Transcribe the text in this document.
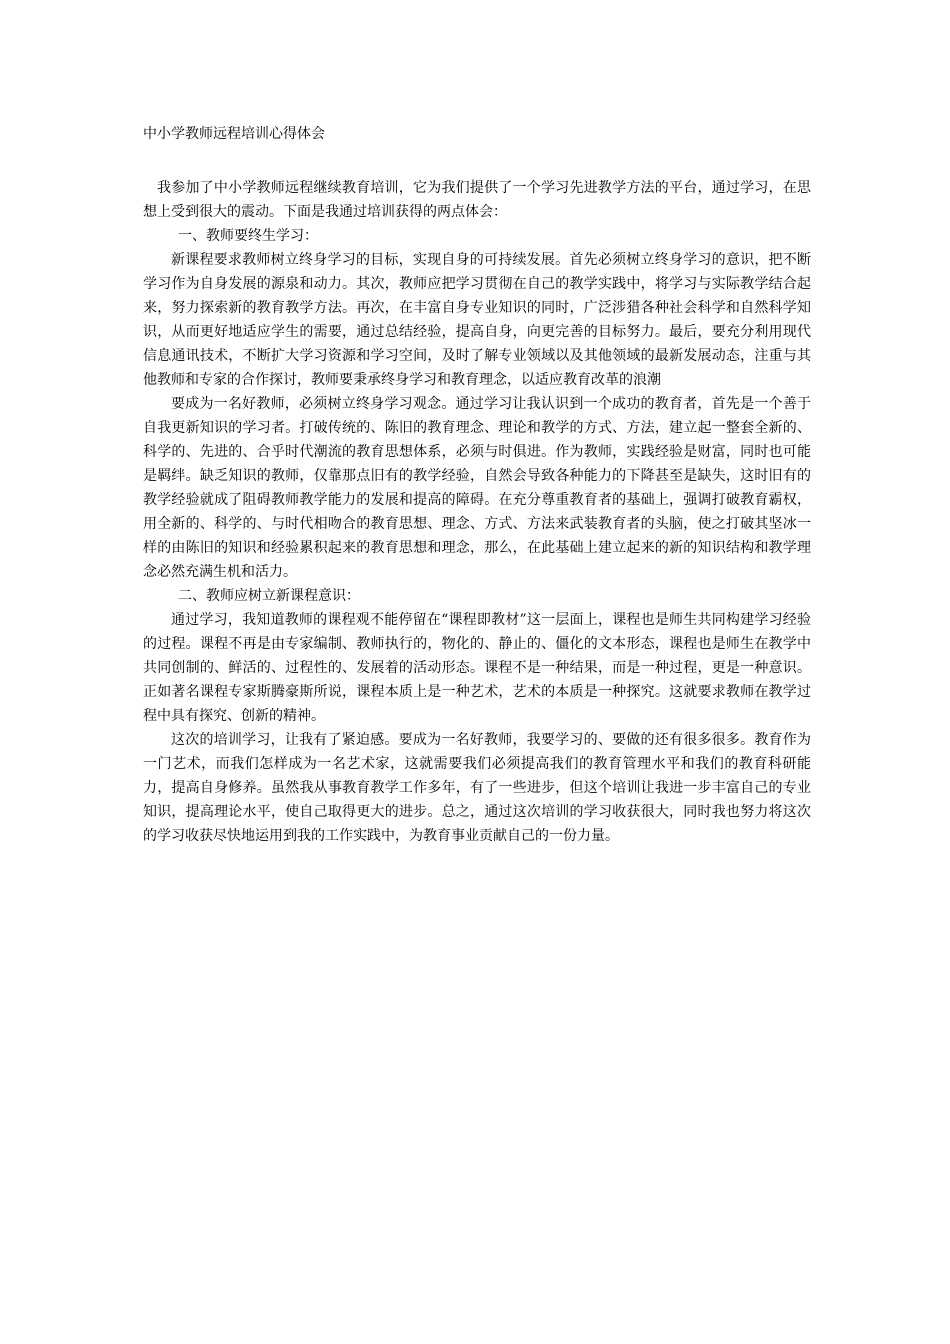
中小学教师远程培训心得体会

我参加了中小学教师远程继续教育培训，它为我们提供了一个学习先进教学方法的平台，通过学习，在思想上受到很大的震动。下面是我通过培训获得的两点体会：

一、教师要终生学习：

新课程要求教师树立终身学习的目标，实现自身的可持续发展。首先必须树立终身学习的意识，把不断学习作为自身发展的源泉和动力。其次，教师应把学习贯彻在自己的教学实践中，将学习与实际教学结合起来，努力探索新的教育教学方法。再次，在丰富自身专业知识的同时，广泛涉猎各种社会科学和自然科学知识，从而更好地适应学生的需要，通过总结经验，提高自身，向更完善的目标努力。最后，要充分利用现代信息通讯技术，不断扩大学习资源和学习空间，及时了解专业领域以及其他领域的最新发展动态，注重与其他教师和专家的合作探讨，教师要秉承终身学习和教育理念，以适应教育改革的浪潮

要成为一名好教师，必须树立终身学习观念。通过学习让我认识到一个成功的教育者，首先是一个善于自我更新知识的学习者。打破传统的、陈旧的教育理念、理论和教学的方式、方法，建立起一整套全新的、科学的、先进的、合乎时代潮流的教育思想体系，必须与时俱进。作为教师，实践经验是财富，同时也可能是羁绊。缺乏知识的教师，仅靠那点旧有的教学经验，自然会导致各种能力的下降甚至是缺失，这时旧有的教学经验就成了阻碍教师教学能力的发展和提高的障碍。在充分尊重教育者的基础上，强调打破教育霸权，用全新的、科学的、与时代相吻合的教育思想、理念、方式、方法来武装教育者的头脑，使之打破其坚冰一样的由陈旧的知识和经验累积起来的教育思想和理念，那么，在此基础上建立起来的新的知识结构和教学理念必然充满生机和活力。

二、教师应树立新课程意识：

通过学习，我知道教师的课程观不能停留在“课程即教材”这一层面上，课程也是师生共同构建学习经验的过程。课程不再是由专家编制、教师执行的，物化的、静止的、僵化的文本形态，课程也是师生在教学中共同创制的、鲜活的、过程性的、发展着的活动形态。课程不是一种结果，而是一种过程，更是一种意识。正如著名课程专家斯腾豪斯所说，课程本质上是一种艺术，艺术的本质是一种探究。这就要求教师在教学过程中具有探究、创新的精神。

这次的培训学习，让我有了紧迫感。要成为一名好教师，我要学习的、要做的还有很多很多。教育作为一门艺术，而我们怎样成为一名艺术家，这就需要我们必须提高我们的教育管理水平和我们的教育科研能力，提高自身修养。虽然我从事教育教学工作多年，有了一些进步，但这个培训让我进一步丰富自己的专业知识，提高理论水平，使自己取得更大的进步。总之，通过这次培训的学习收获很大，同时我也努力将这次的学习收获尽快地运用到我的工作实践中，为教育事业贡献自己的一份力量。
